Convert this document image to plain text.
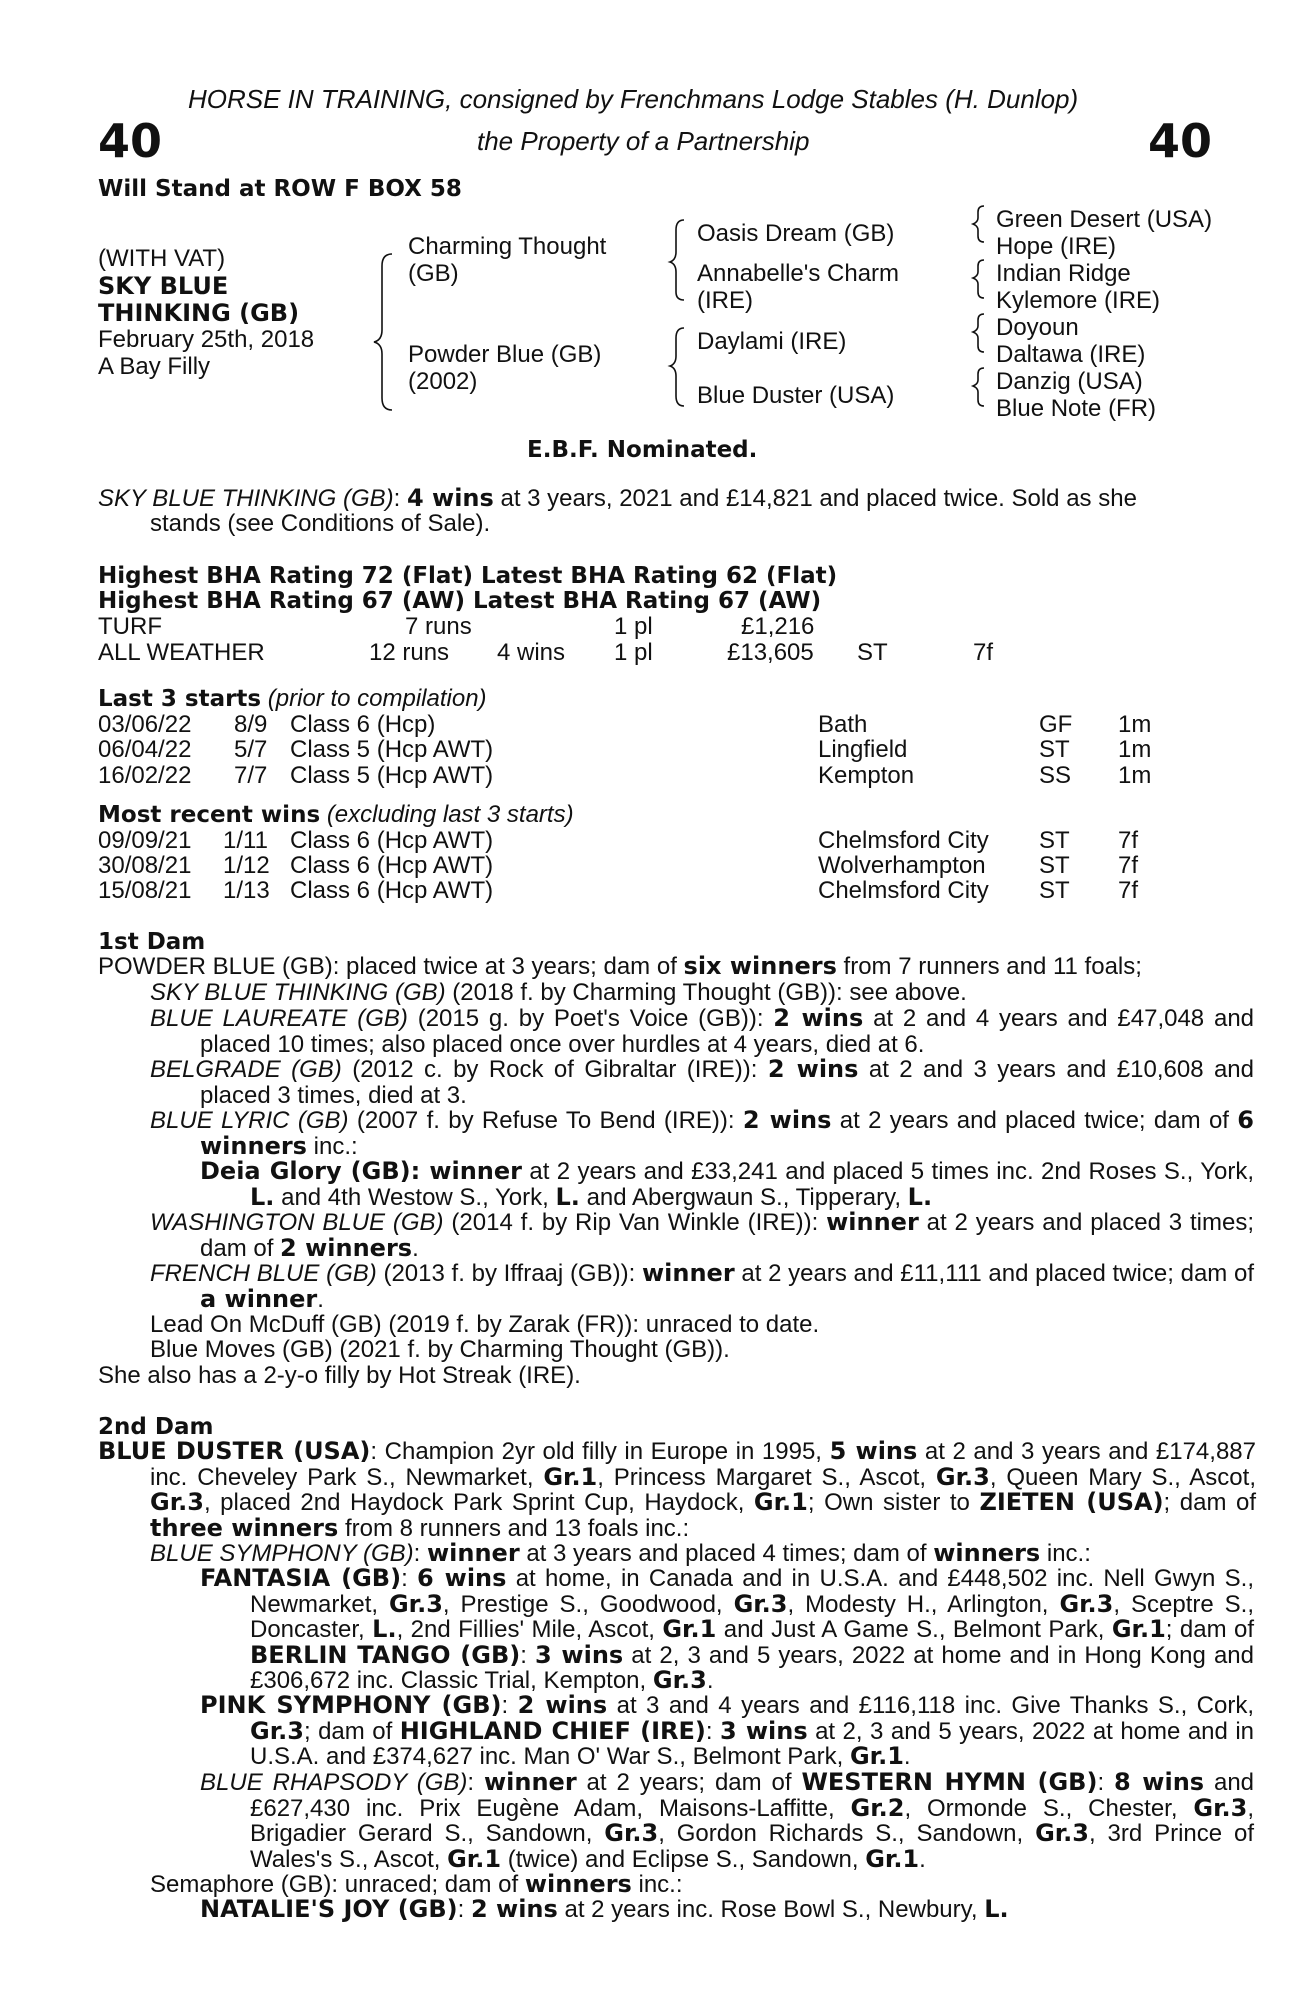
HORSE IN TRAINING, consigned by Frenchmans Lodge Stables (H. Dunlop)
40	the Property of a Partnership	40
Will Stand at ROW F BOX 58
(WITH VAT)
SKY BLUE
THINKING (GB)
February 25th, 2018
A Bay Filly
Charming Thought
(GB)
Powder Blue (GB)
(2002)
Oasis Dream (GB)
Annabelle's Charm
(IRE)
Daylami (IRE)
Blue Duster (USA)
Green Desert (USA)
Hope (IRE)
Indian Ridge
Kylemore (IRE)
Doyoun
Daltawa (IRE)
Danzig (USA)
Blue Note (FR)
E.B.F. Nominated.
SKY BLUE THINKING (GB): 4 wins at 3 years, 2021 and £14,821 and placed twice. Sold as she
stands (see Conditions of Sale).
Highest BHA Rating 72 (Flat) Latest BHA Rating 62 (Flat)
Highest BHA Rating 67 (AW) Latest BHA Rating 67 (AW)
TURF	7 runs	1 pl	£1,216
ALL WEATHER	12 runs 4 wins 1 pl	£13,605 ST	7f
Last 3 starts (prior to compilation)
03/06/22 8/9 Class 6 (Hcp)	Bath	GF 1m
06/04/22 5/7 Class 5 (Hcp AWT)	Lingfield	ST 1m
16/02/22 7/7 Class 5 (Hcp AWT)	Kempton	SS 1m
Most recent wins (excluding last 3 starts)
09/09/21 1/11 Class 6 (Hcp AWT)	Chelmsford City ST 7f
30/08/21 1/12 Class 6 (Hcp AWT)	Wolverhampton ST 7f
15/08/21 1/13 Class 6 (Hcp AWT)	Chelmsford City ST 7f
1st Dam
POWDER BLUE (GB): placed twice at 3 years; dam of six winners from 7 runners and 11 foals;
SKY BLUE THINKING (GB) (2018 f. by Charming Thought (GB)): see above.
BLUE LAUREATE (GB) (2015 g. by Poet's Voice (GB)): 2 wins at 2 and 4 years and £47,048 and placed 10 times; also placed once over hurdles at 4 years, died at 6.
BELGRADE (GB) (2012 c. by Rock of Gibraltar (IRE)): 2 wins at 2 and 3 years and £10,608 and placed 3 times, died at 3.
BLUE LYRIC (GB) (2007 f. by Refuse To Bend (IRE)): 2 wins at 2 years and placed twice; dam of 6 winners inc.:
Deia Glory (GB): winner at 2 years and £33,241 and placed 5 times inc. 2nd Roses S., York, L. and 4th Westow S., York, L. and Abergwaun S., Tipperary, L.
WASHINGTON BLUE (GB) (2014 f. by Rip Van Winkle (IRE)): winner at 2 years and placed 3 times; dam of 2 winners.
FRENCH BLUE (GB) (2013 f. by Iffraaj (GB)): winner at 2 years and £11,111 and placed twice; dam of a winner.
Lead On McDuff (GB) (2019 f. by Zarak (FR)): unraced to date.
Blue Moves (GB) (2021 f. by Charming Thought (GB)).
She also has a 2-y-o filly by Hot Streak (IRE).
2nd Dam
BLUE DUSTER (USA): Champion 2yr old filly in Europe in 1995, 5 wins at 2 and 3 years and £174,887 inc. Cheveley Park S., Newmarket, Gr.1, Princess Margaret S., Ascot, Gr.3, Queen Mary S., Ascot, Gr.3, placed 2nd Haydock Park Sprint Cup, Haydock, Gr.1; Own sister to ZIETEN (USA); dam of three winners from 8 runners and 13 foals inc.:
BLUE SYMPHONY (GB): winner at 3 years and placed 4 times; dam of winners inc.:
FANTASIA (GB): 6 wins at home, in Canada and in U.S.A. and £448,502 inc. Nell Gwyn S., Newmarket, Gr.3, Prestige S., Goodwood, Gr.3, Modesty H., Arlington, Gr.3, Sceptre S., Doncaster, L., 2nd Fillies' Mile, Ascot, Gr.1 and Just A Game S., Belmont Park, Gr.1; dam of BERLIN TANGO (GB): 3 wins at 2, 3 and 5 years, 2022 at home and in Hong Kong and £306,672 inc. Classic Trial, Kempton, Gr.3.
PINK SYMPHONY (GB): 2 wins at 3 and 4 years and £116,118 inc. Give Thanks S., Cork, Gr.3; dam of HIGHLAND CHIEF (IRE): 3 wins at 2, 3 and 5 years, 2022 at home and in U.S.A. and £374,627 inc. Man O' War S., Belmont Park, Gr.1.
BLUE RHAPSODY (GB): winner at 2 years; dam of WESTERN HYMN (GB): 8 wins and £627,430 inc. Prix Eugène Adam, Maisons-Laffitte, Gr.2, Ormonde S., Chester, Gr.3, Brigadier Gerard S., Sandown, Gr.3, Gordon Richards S., Sandown, Gr.3, 3rd Prince of Wales's S., Ascot, Gr.1 (twice) and Eclipse S., Sandown, Gr.1.
Semaphore (GB): unraced; dam of winners inc.:
NATALIE'S JOY (GB): 2 wins at 2 years inc. Rose Bowl S., Newbury, L.
